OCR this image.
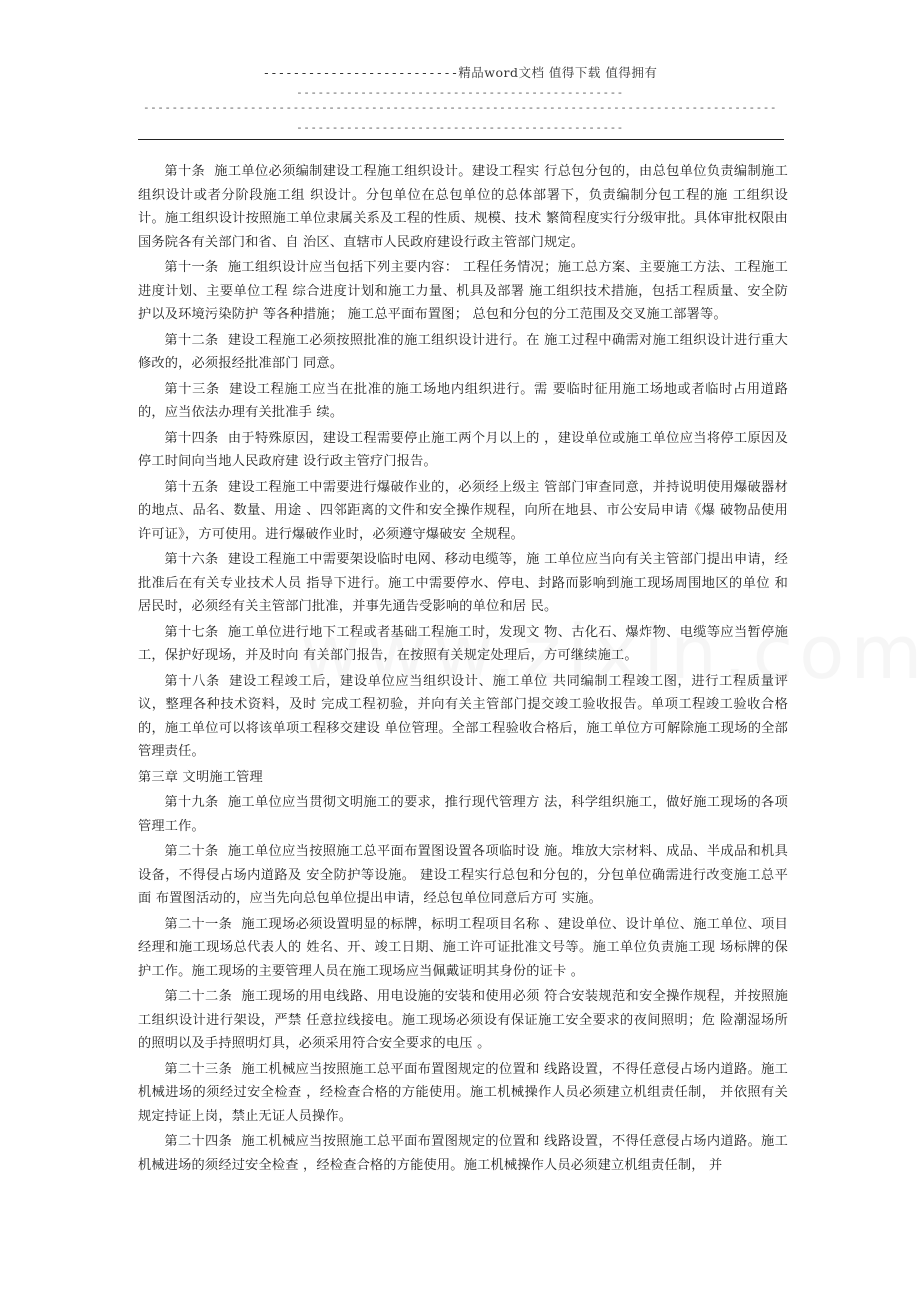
--------------------------精品word文档 值得下载 值得拥有
----------------------------------------------
-----------------------------------------------------------------------------------------
----------------------------------------------

第十条 施工单位必须编制建设工程施工组织设计。建设工程实 行总包分包的，由总包单位负责编制施工组织设计或者分阶段施工组 织设计。分包单位在总包单位的总体部署下，负责编制分包工程的施 工组织设计。施工组织设计按照施工单位隶属关系及工程的性质、规模、技术 繁简程度实行分级审批。具体审批权限由国务院各有关部门和省、自 治区、直辖市人民政府建设行政主管部门规定。

第十一条 施工组织设计应当包括下列主要内容： 工程任务情况；施工总方案、主要施工方法、工程施工进度计划、主要单位工程 综合进度计划和施工力量、机具及部署 施工组织技术措施，包括工程质量、安全防护以及环境污染防护 等各种措施； 施工总平面布置图； 总包和分包的分工范围及交叉施工部署等。

第十二条 建设工程施工必须按照批准的施工组织设计进行。在 施工过程中确需对施工组织设计进行重大修改的，必须报经批准部门 同意。

第十三条 建设工程施工应当在批准的施工场地内组织进行。需 要临时征用施工场地或者临时占用道路的，应当依法办理有关批准手 续。

第十四条 由于特殊原因，建设工程需要停止施工两个月以上的 ，建设单位或施工单位应当将停工原因及停工时间向当地人民政府建 设行政主管疗门报告。

第十五条 建设工程施工中需要进行爆破作业的，必须经上级主 管部门审查同意，并持说明使用爆破器材的地点、品名、数量、用途 、四邻距离的文件和安全操作规程，向所在地县、市公安局申请《爆 破物品使用许可证》，方可使用。进行爆破作业时，必须遵守爆破安 全规程。

第十六条 建设工程施工中需要架设临时电网、移动电缆等，施 工单位应当向有关主管部门提出申请，经批准后在有关专业技术人员 指导下进行。施工中需要停水、停电、封路而影响到施工现场周围地区的单位 和居民时，必须经有关主管部门批准，并事先通告受影响的单位和居 民。

第十七条 施工单位进行地下工程或者基础工程施工时，发现文 物、古化石、爆炸物、电缆等应当暂停施工，保护好现场，并及时向 有关部门报告，在按照有关规定处理后，方可继续施工。

第十八条 建设工程竣工后，建设单位应当组织设计、施工单位 共同编制工程竣工图，进行工程质量评议，整理各种技术资料，及时 完成工程初验，并向有关主管部门提交竣工验收报告。单项工程竣工验收合格的，施工单位可以将该单项工程移交建设 单位管理。全部工程验收合格后，施工单位方可解除施工现场的全部 管理责任。

第三章 文明施工管理

第十九条 施工单位应当贯彻文明施工的要求，推行现代管理方 法，科学组织施工，做好施工现场的各项管理工作。

第二十条 施工单位应当按照施工总平面布置图设置各项临时设 施。堆放大宗材料、成品、半成品和机具设备，不得侵占场内道路及 安全防护等设施。 建设工程实行总包和分包的，分包单位确需进行改变施工总平面 布置图活动的，应当先向总包单位提出申请，经总包单位同意后方可 实施。

第二十一条 施工现场必须设置明显的标牌，标明工程项目名称 、建设单位、设计单位、施工单位、项目经理和施工现场总代表人的 姓名、开、竣工日期、施工许可证批准文号等。施工单位负责施工现 场标牌的保护工作。施工现场的主要管理人员在施工现场应当佩戴证明其身份的证卡 。

第二十二条 施工现场的用电线路、用电设施的安装和使用必须 符合安装规范和安全操作规程，并按照施工组织设计进行架设，严禁 任意拉线接电。施工现场必须设有保证施工安全要求的夜间照明；危 险潮湿场所的照明以及手持照明灯具，必须采用符合安全要求的电压 。

第二十三条 施工机械应当按照施工总平面布置图规定的位置和 线路设置，不得任意侵占场内道路。施工机械进场的须经过安全检查 ，经检查合格的方能使用。施工机械操作人员必须建立机组责任制， 并依照有关规定持证上岗，禁止无证人员操作。

第二十四条 施工机械应当按照施工总平面布置图规定的位置和 线路设置，不得任意侵占场内道路。施工机械进场的须经过安全检查 ，经检查合格的方能使用。施工机械操作人员必须建立机组责任制， 并
